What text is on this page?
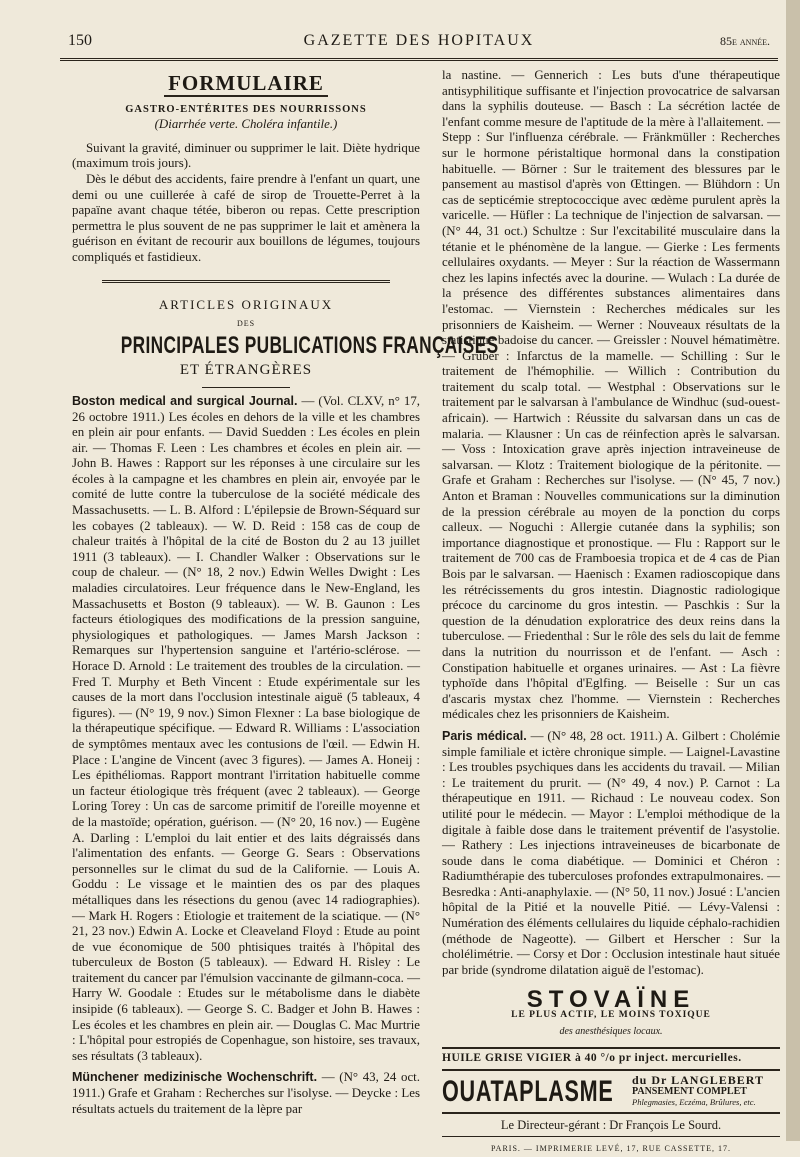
150	GAZETTE DES HOPITAUX	85e année.
FORMULAIRE
GASTRO-ENTÉRITES DES NOURRISSONS
(Diarrhée verte. Choléra infantile.)

Suivant la gravité, diminuer ou supprimer le lait. Diète hydrique (maximum trois jours).

Dès le début des accidents, faire prendre à l'enfant un quart, une demi ou une cuillerée à café de sirop de Trouette-Perret à la papaïne avant chaque tétée, biberon ou repas. Cette prescription permettra le plus souvent de ne pas supprimer le lait et amènera la guérison en évitant de recourir aux bouillons de légumes, toujours compliqués et fastidieux.

ARTICLES ORIGINAUX
DES
PRINCIPALES PUBLICATIONS FRANÇAISES
ET ÉTRANGÈRES

Boston medical and surgical Journal. — (Vol. CLXV, n° 17, 26 octobre 1911.) Les écoles en dehors de la ville et les chambres en plein air pour enfants. — David Suedden : Les écoles en plein air. — Thomas F. Leen : Les chambres et écoles en plein air. — John B. Hawes : Rapport sur les réponses à une circulaire sur les écoles à la campagne et les chambres en plein air, envoyée par le comité de lutte contre la tuberculose de la société médicale des Massachusetts. — L. B. Alford : L'épilepsie de Brown-Séquard sur les cobayes (2 tableaux). — W. D. Reid : 158 cas de coup de chaleur traités à l'hôpital de la cité de Boston du 2 au 13 juillet 1911 (3 tableaux). — I. Chandler Walker : Observations sur le coup de chaleur. — (N° 18, 2 nov.) Edwin Welles Dwight : Les maladies circulatoires. Leur fréquence dans le New-England, les Massachusetts et Boston (9 tableaux). — W. B. Gaunon : Les facteurs étiologiques des modifications de la pression sanguine, physiologiques et pathologiques. — James Marsh Jackson : Remarques sur l'hypertension sanguine et l'artério-sclérose. — Horace D. Arnold : Le traitement des troubles de la circulation. — Fred T. Murphy et Beth Vincent : Etude expérimentale sur les causes de la mort dans l'occlusion intestinale aiguë (5 tableaux, 4 figures). — (N° 19, 9 nov.) Simon Flexner : La base biologique de la thérapeutique spécifique. — Edward R. Williams : L'association de symptômes mentaux avec les contusions de l'œil. — Edwin H. Place : L'angine de Vincent (avec 3 figures). — James A. Honeij : Les épithéliomas. Rapport montrant l'irritation habituelle comme un facteur étiologique très fréquent (avec 2 tableaux). — George Loring Torey : Un cas de sarcome primitif de l'oreille moyenne et de la mastoïde; opération, guérison. — (N° 20, 16 nov.) — Eugène A. Darling : L'emploi du lait entier et des laits dégraissés dans l'alimentation des enfants. — George G. Sears : Observations personnelles sur le climat du sud de la Californie. — Louis A. Goddu : Le vissage et le maintien des os par des plaques métalliques dans les résections du genou (avec 14 radiographies). — Mark H. Rogers : Etiologie et traitement de la sciatique. — (N° 21, 23 nov.) Edwin A. Locke et Cleaveland Floyd : Etude au point de vue économique de 500 phtisiques traités à l'hôpital des tuberculeux de Boston (5 tableaux). — Edward H. Risley : Le traitement du cancer par l'émulsion vaccinante de gilmann-coca. — Harry W. Goodale : Etudes sur le métabolisme dans le diabète insipide (6 tableaux). — George S. C. Badger et John B. Hawes : Les écoles et les chambres en plein air. — Douglas C. Mac Murtrie : L'hôpital pour estropiés de Copenhague, son histoire, ses travaux, ses résultats (3 tableaux).

Münchener medizinische Wochenschrift. — (N° 43, 24 oct. 1911.) Grafe et Graham : Recherches sur l'isolyse. — Deycke : Les résultats actuels du traitement de la lèpre par

la nastine. — Gennerich : Les buts d'une thérapeutique antisyphilitique suffisante et l'injection provocatrice de salvarsan dans la syphilis douteuse. — Basch : La sécrétion lactée de l'enfant comme mesure de l'aptitude de la mère à l'allaitement. — Stepp : Sur l'influenza cérébrale. — Fränkmüller : Recherches sur le hormone péristaltique hormonal dans la constipation habituelle. — Börner : Sur le traitement des blessures par le pansement au mastisol d'après von Œttingen. — Blühdorn : Un cas de septicémie streptococcique avec œdème purulent après la varicelle. — Hüfler : La technique de l'injection de salvarsan. — (N° 44, 31 oct.) Schultze : Sur l'excitabilité musculaire dans la tétanie et le phénomène de la langue. — Gierke : Les ferments cellulaires oxydants. — Meyer : Sur la réaction de Wassermann chez les lapins infectés avec la dourine. — Wulach : La durée de la présence des différentes substances alimentaires dans l'estomac. — Viernstein : Recherches médicales sur les prisonniers de Kaisheim. — Werner : Nouveaux résultats de la statistique badoise du cancer. — Greissler : Nouvel hématimètre. — Grüber : Infarctus de la mamelle. — Schilling : Sur le traitement de l'hémophilie. — Willich : Contribution du traitement du scalp total. — Westphal : Observations sur le traitement par le salvarsan à l'ambulance de Windhuc (sud-ouest-africain). — Hartwich : Réussite du salvarsan dans un cas de malaria. — Klausner : Un cas de réinfection après le salvarsan. — Voss : Intoxication grave après injection intraveineuse de salvarsan. — Klotz : Traitement biologique de la péritonite. — Grafe et Graham : Recherches sur l'isolyse. — (N° 45, 7 nov.) Anton et Braman : Nouvelles communications sur la diminution de la pression cérébrale au moyen de la ponction du corps calleux. — Noguchi : Allergie cutanée dans la syphilis; son importance diagnostique et pronostique. — Flu : Rapport sur le traitement de 700 cas de Framboesia tropica et de 4 cas de Pian Bois par le salvarsan. — Haenisch : Examen radioscopique dans les rétrécissements du gros intestin. Diagnostic radiologique précoce du carcinome du gros intestin. — Paschkis : Sur la question de la dénudation exploratrice des deux reins dans la tuberculose. — Friedenthal : Sur le rôle des sels du lait de femme dans la nutrition du nourrisson et de l'enfant. — Asch : Constipation habituelle et organes urinaires. — Ast : La fièvre typhoïde dans l'hôpital d'Eglfing. — Beiselle : Sur un cas d'ascaris mystax chez l'homme. — Viernstein : Recherches médicales chez les prisonniers de Kaisheim.

Paris médical. — (N° 48, 28 oct. 1911.) A. Gilbert : Cholémie simple familiale et ictère chronique simple. — Laignel-Lavastine : Les troubles psychiques dans les accidents du travail. — Milian : Le traitement du prurit. — (N° 49, 4 nov.) P. Carnot : La thérapeutique en 1911. — Richaud : Le nouveau codex. Son utilité pour le médecin. — Mayor : L'emploi méthodique de la digitale à faible dose dans le traitement préventif de l'asystolie. — Rathery : Les injections intraveineuses de bicarbonate de soude dans le coma diabétique. — Dominici et Chéron : Radiumthérapie des tuberculoses profondes extrapulmonaires. — Besredka : Anti-anaphylaxie. — (N° 50, 11 nov.) Josué : L'ancien hôpital de la Pitié et la nouvelle Pitié. — Lévy-Valensi : Numération des éléments cellulaires du liquide céphalo-rachidien (méthode de Nageotte). — Gilbert et Herscher : Sur la cholélimétrie. — Corsy et Dor : Occlusion intestinale haut située par bride (syndrome dilatation aiguë de l'estomac).

STOVAÏNE
LE PLUS ACTIF, LE MOINS TOXIQUE
des anesthésiques locaux.
HUILE GRISE VIGIER à 40 °/o pr inject. mercurielles.
OUATAPLASME du Dr LANGLEBERT
PANSEMENT COMPLET
Phlegmasies, Eczéma, Brûlures, etc.
Le Directeur-gérant : Dr François Le Sourd.
PARIS. — IMPRIMERIE LEVÉ, 17, RUE CASSETTE, 17.
